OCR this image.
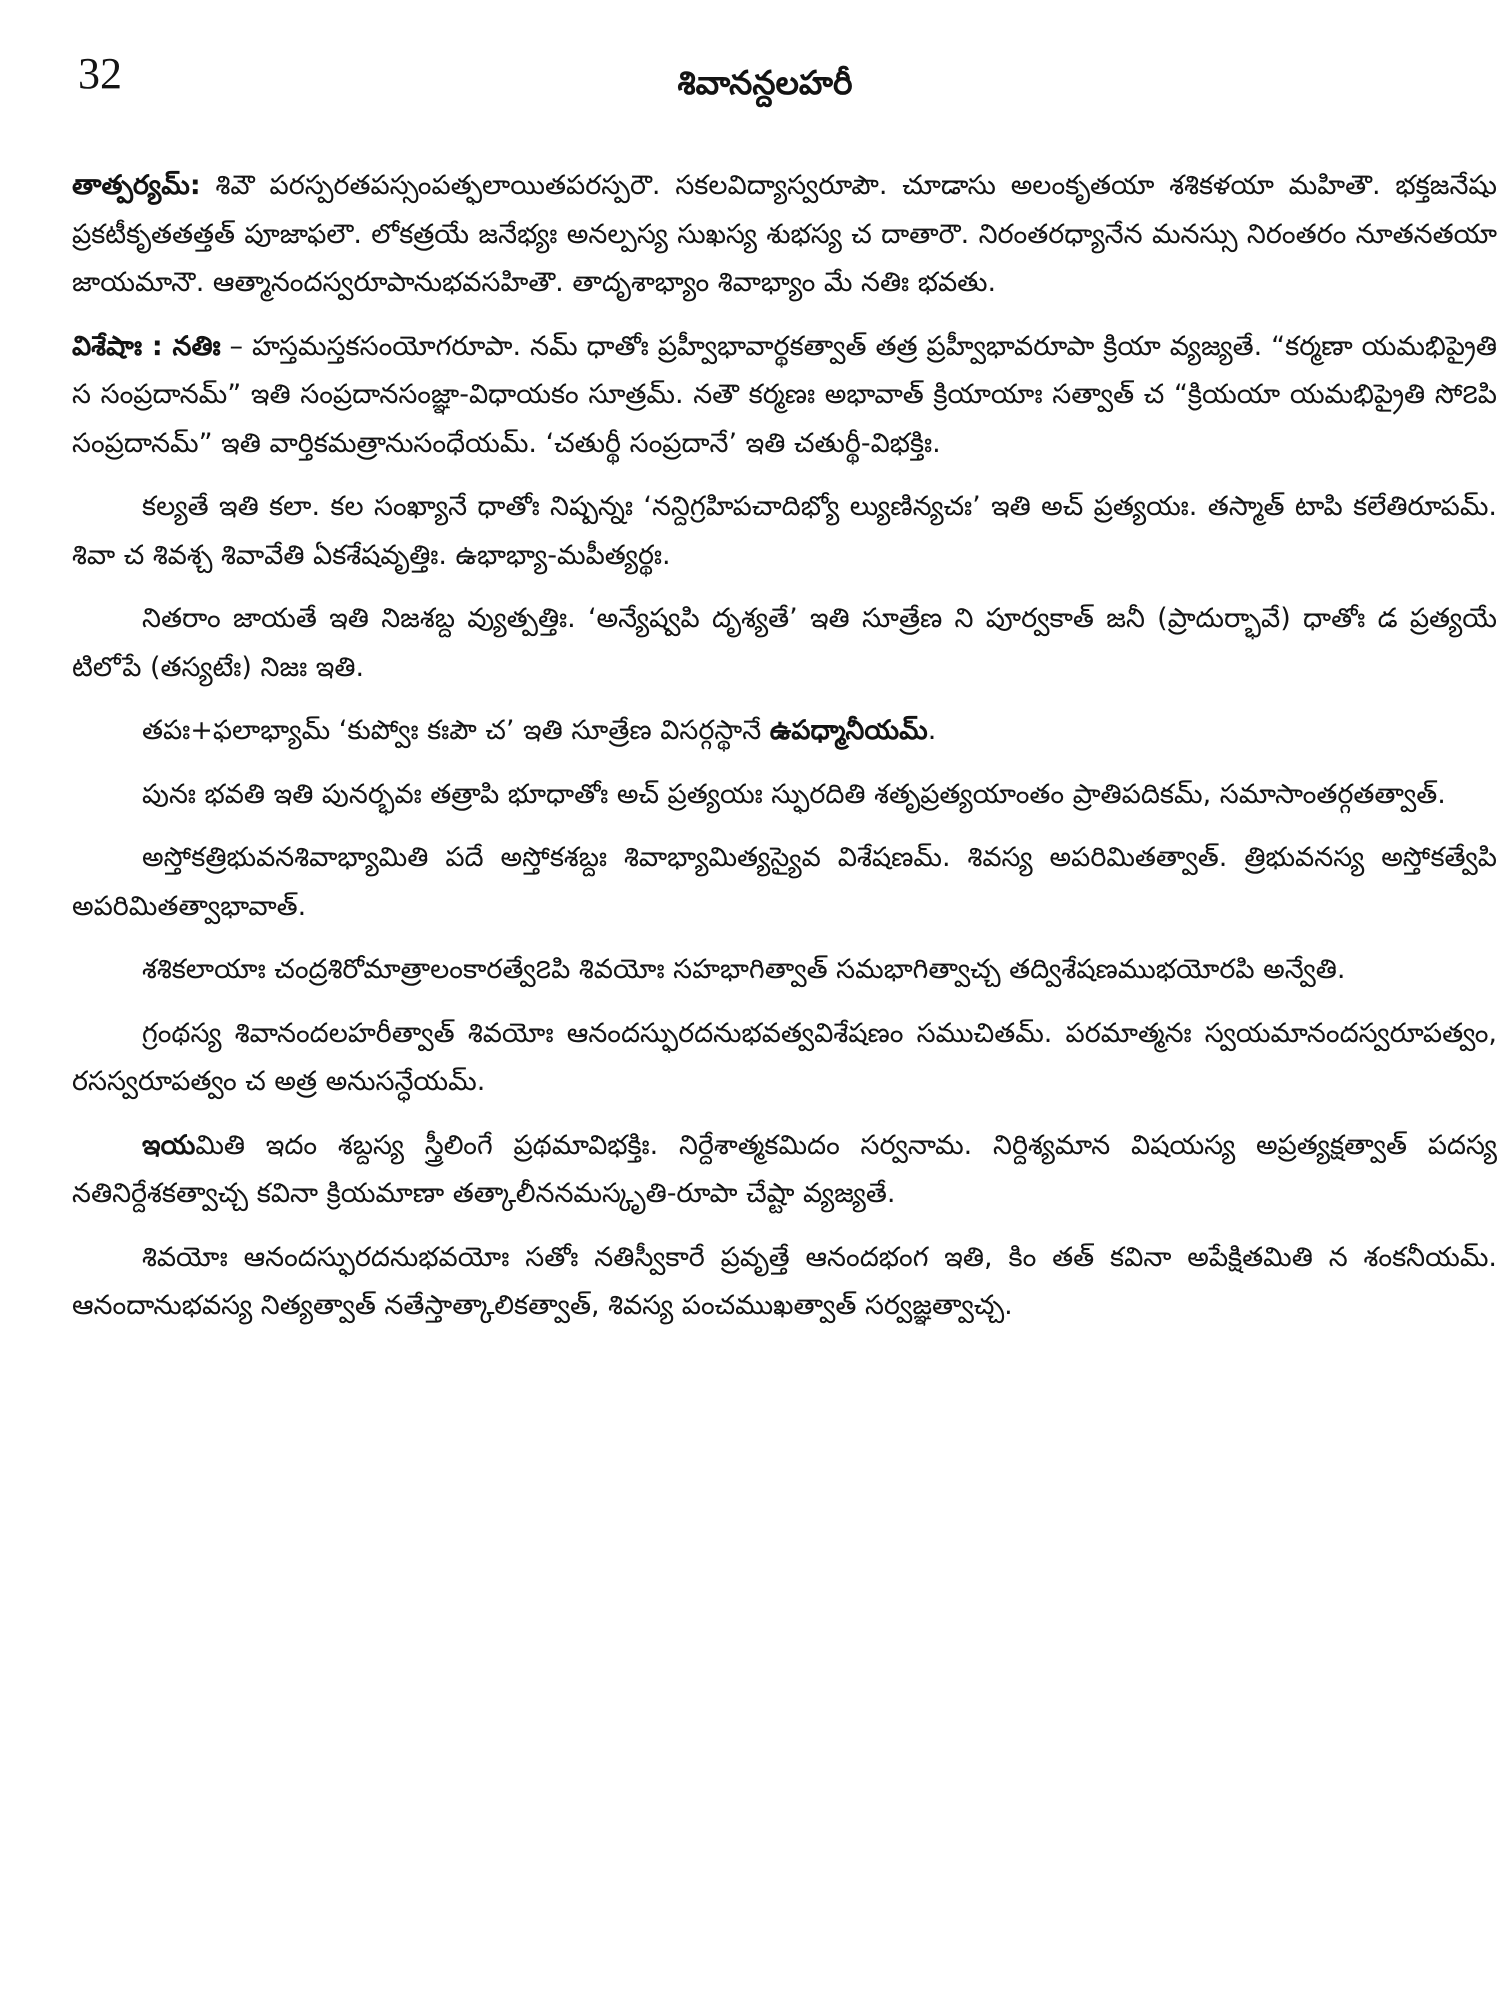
32	శివానన్దలహరీ

తాత్పర్యమ్: శివౌ పరస్పరతపస్సంపత్ఫలాయితపరస్పరౌ. సకలవిద్యాస్వరూపౌ. చూడాసు అలంకృతయా శశికళయా మహితౌ. భక్తజనేషు ప్రకటీకృతతత్తత్ పూజాఫలౌ. లోకత్రయే జనేభ్యః అనల్పస్య సుఖస్య శుభస్య చ దాతారౌ. నిరంతరధ్యానేన మనస్సు నిరంతరం నూతనతయా జాయమానౌ. ఆత్మానందస్వరూపానుభవసహితౌ. తాదృశాభ్యాం శివాభ్యాం మే నతిః భవతు.

విశేషాః : నతిః – హస్తమస్తకసంయోగరూపా. నమ్ ధాతోః ప్రహ్వీభావార్థకత్వాత్ తత్ర ప్రహ్వీభావరూపా క్రియా వ్యజ్యతే. “కర్మణా యమభిప్రైతి స సంప్రదానమ్” ఇతి సంప్రదానసంజ్ఞా-విధాయకం సూత్రమ్. నతౌ కర్మణః అభావాత్ క్రియాయాః సత్వాత్ చ “క్రియయా యమభిప్రైతి సో౭పి సంప్రదానమ్” ఇతి వార్తికమత్రానుసంధేయమ్. ‘చతుర్థీ సంప్రదానే’ ఇతి చతుర్థీ-విభక్తిః.

కల్యతే ఇతి కలా. కల సంఖ్యానే ధాతోః నిష్పన్నః ‘నన్దిగ్రహిపచాదిభ్యో ల్యుణిన్యచః’ ఇతి అచ్ ప్రత్యయః. తస్మాత్ టాపి కలేతిరూపమ్. శివా చ శివశ్చ శివావేతి ఏకశేషవృత్తిః. ఉభాభ్యా-మపీత్యర్థః.

నితరాం జాయతే ఇతి నిజశబ్ద వ్యుత్పత్తిః. ‘అన్యేష్వపి దృశ్యతే’ ఇతి సూత్రేణ ని పూర్వకాత్ జనీ (ప్రాదుర్భావే) ధాతోః డ ప్రత్యయే టిలోపే (తస్యటేః) నిజః ఇతి.

తపః+ఫలాభ్యామ్ ‘కుప్వోః కఃపౌ చ’ ఇతి సూత్రేణ విసర్గస్థానే ఉపధ్మానీయమ్.

పునః భవతి ఇతి పునర్భవః తత్రాపి భూధాతోః అచ్ ప్రత్యయః స్ఫురదితి శతృప్రత్యయాంతం ప్రాతిపదికమ్, సమాసాంతర్గతత్వాత్.

అస్తోకత్రిభువనశివాభ్యామితి పదే అస్తోకశబ్దః శివాభ్యామిత్యస్యైవ విశేషణమ్. శివస్య అపరిమితత్వాత్. త్రిభువనస్య అస్తోకత్వేపి అపరిమితత్వాభావాత్.

శశికలాయాః చంద్రశిరోమాత్రాలంకారత్వే౭పి శివయోః సహభాగిత్వాత్ సమభాగిత్వాచ్చ తద్విశేషణముభయోరపి అన్వేతి.

గ్రంథస్య శివానందలహరీత్వాత్ శివయోః ఆనందస్ఫురదనుభవత్వవిశేషణం సముచితమ్. పరమాత్మనః స్వయమానందస్వరూపత్వం, రసస్వరూపత్వం చ అత్ర అనుసన్ధేయమ్.

ఇయమితి ఇదం శబ్దస్య స్త్రీలింగే ప్రథమావిభక్తిః. నిర్దేశాత్మకమిదం సర్వనామ. నిర్దిశ్యమాన విషయస్య అప్రత్యక్షత్వాత్ పదస్య నతినిర్దేశకత్వాచ్చ కవినా క్రియమాణా తత్కాలీననమస్కృతి-రూపా చేష్టా వ్యజ్యతే.

శివయోః ఆనందస్ఫురదనుభవయోః సతోః నతిస్వీకారే ప్రవృత్తే ఆనందభంగ ఇతి, కిం తత్ కవినా అపేక్షితమితి న శంకనీయమ్. ఆనందానుభవస్య నిత్యత్వాత్ నతేస్తాత్కాలికత్వాత్, శివస్య పంచముఖత్వాత్ సర్వజ్ఞత్వాచ్చ.
